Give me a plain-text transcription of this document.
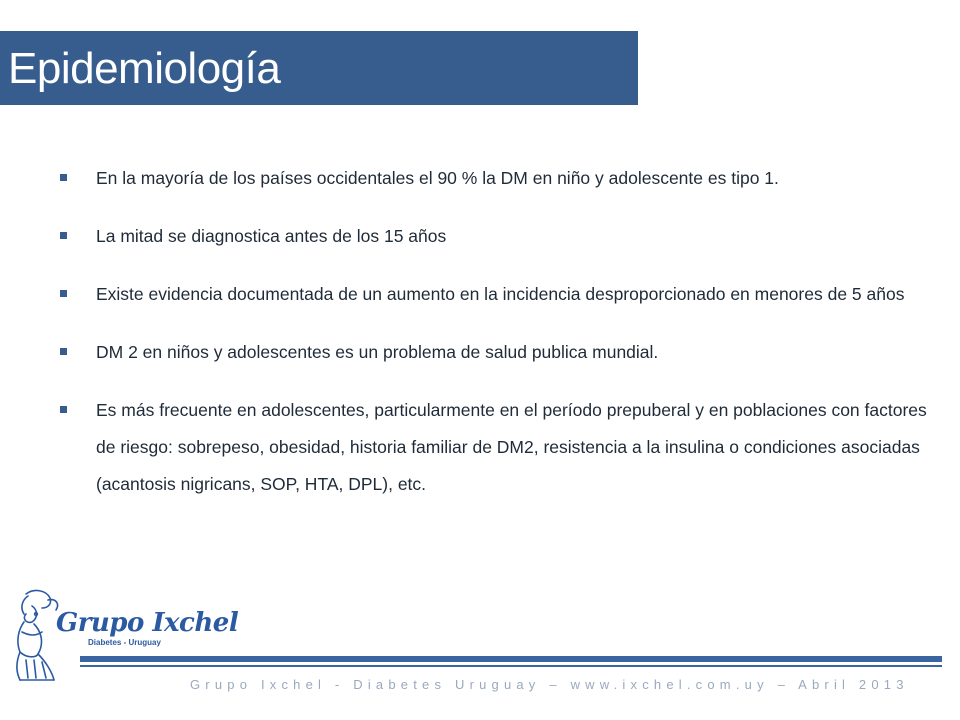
Epidemiología
En la mayoría de los países occidentales el 90 % la DM en niño y adolescente es tipo 1.
La mitad se diagnostica antes de los 15 años
Existe evidencia documentada de un aumento en la incidencia desproporcionado en menores de 5 años
DM 2 en niños y adolescentes es un problema de salud publica mundial.
Es más frecuente en adolescentes, particularmente en el período prepuberal y en poblaciones con factores de riesgo: sobrepeso, obesidad, historia familiar de DM2, resistencia a la insulina o condiciones asociadas (acantosis nigricans, SOP, HTA, DPL), etc.
Grupo Ixchel
Diabetes - Uruguay
Grupo Ixchel - Diabetes Uruguay – www.ixchel.com.uy – Abril 2013
